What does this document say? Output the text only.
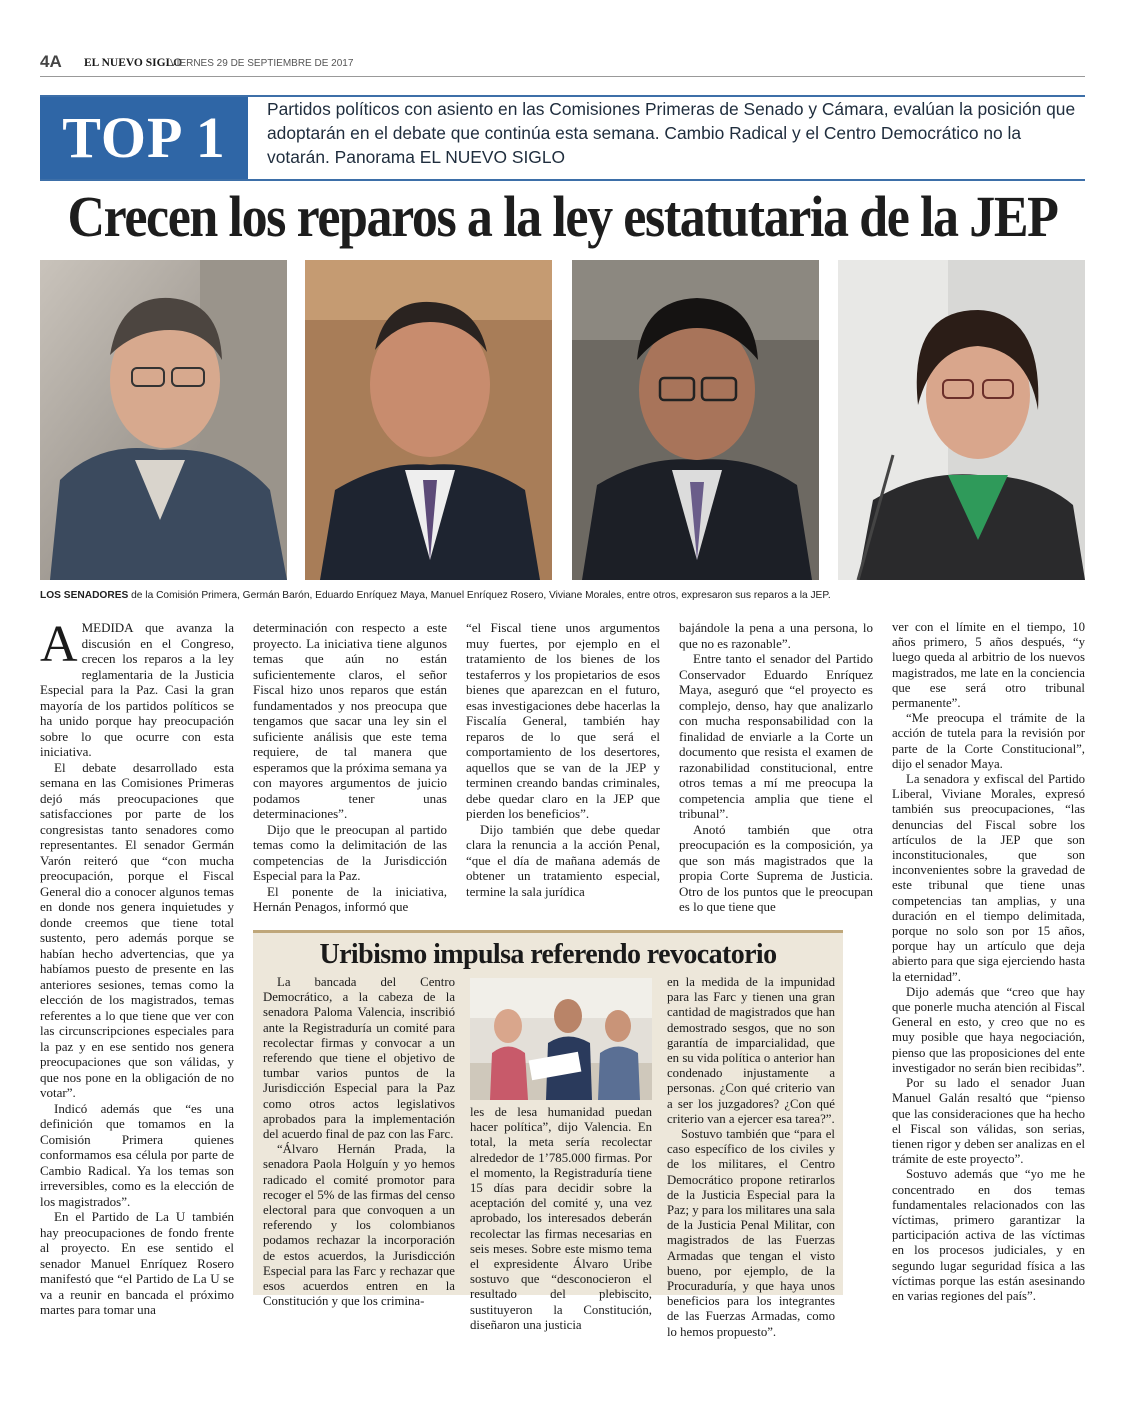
4A EL NUEVO SIGLO
VIERNES 29 DE SEPTIEMBRE DE 2017
TOP 1	Partidos políticos con asiento en las Comisiones Primeras de Senado y Cámara, evalúan la posición que adoptarán en el debate que continúa esta semana. Cambio Radical y el Centro Democrático no la votarán. Panorama EL NUEVO SIGLO
Crecen los reparos a la ley estatutaria de la JEP
LOS SENADORES de la Comisión Primera, Germán Barón, Eduardo Enríquez Maya, Manuel Enríquez Rosero, Viviane Morales, entre otros, expresaron sus reparos a la JEP.

AMEDIDA que avanza la discusión en el Congreso, crecen los reparos a la ley reglamentaria de la Justicia Especial para la Paz. Casi la gran mayoría de los partidos políticos se ha unido porque hay preocupación sobre lo que ocurre con esta iniciativa.

El debate desarrollado esta semana en las Comisiones Primeras dejó más preocupaciones que satisfacciones por parte de los congresistas tanto senadores como representantes. El senador Germán Varón reiteró que “con mucha preocupación, porque el Fiscal General dio a conocer algunos temas en donde nos genera inquietudes y donde creemos que tiene total sustento, pero además porque se habían hecho advertencias, que ya habíamos puesto de presente en las anteriores sesiones, temas como la elección de los magistrados, temas referentes a lo que tiene que ver con las circunscripciones especiales para la paz y en ese sentido nos genera preocupaciones que son válidas, y que nos pone en la obligación de no votar”.

Indicó además que “es una definición que tomamos en la Comisión Primera quienes conformamos esa célula por parte de Cambio Radical. Ya los temas son irreversibles, como es la elección de los magistrados”.

En el Partido de La U también hay preocupaciones de fondo frente al proyecto. En ese sentido el senador Manuel Enríquez Rosero manifestó que “el Partido de La U se va a reunir en bancada el próximo martes para tomar una

determinación con respecto a este proyecto. La iniciativa tiene algunos temas que aún no están suficientemente claros, el señor Fiscal hizo unos reparos que están fundamentados y nos preocupa que tengamos que sacar una ley sin el suficiente análisis que este tema requiere, de tal manera que esperamos que la próxima semana ya con mayores argumentos de juicio podamos tener unas determinaciones”.

Dijo que le preocupan al partido temas como la delimitación de las competencias de la Jurisdicción Especial para la Paz.

El ponente de la iniciativa, Hernán Penagos, informó que

“el Fiscal tiene unos argumentos muy fuertes, por ejemplo en el tratamiento de los bienes de los testaferros y los propietarios de esos bienes que aparezcan en el futuro, esas investigaciones debe hacerlas la Fiscalía General, también hay reparos de lo que será el comportamiento de los desertores, aquellos que se van de la JEP y terminen creando bandas criminales, debe quedar claro en la JEP que pierden los beneficios”.

Dijo también que debe quedar clara la renuncia a la acción Penal, “que el día de mañana además de obtener un tratamiento especial, termine la sala jurídica

bajándole la pena a una persona, lo que no es razonable”.

Entre tanto el senador del Partido Conservador Eduardo Enríquez Maya, aseguró que “el proyecto es complejo, denso, hay que analizarlo con mucha responsabilidad con la finalidad de enviarle a la Corte un documento que resista el examen de razonabilidad constitucional, entre otros temas a mí me preocupa la competencia amplia que tiene el tribunal”.

Anotó también que otra preocupación es la composición, ya que son más magistrados que la propia Corte Suprema de Justicia. Otro de los puntos que le preocupan es lo que tiene que

ver con el límite en el tiempo, 10 años primero, 5 años después, “y luego queda al arbitrio de los nuevos magistrados, me late en la conciencia que ese será otro tribunal permanente”.

“Me preocupa el trámite de la acción de tutela para la revisión por parte de la Corte Constitucional”, dijo el senador Maya.

La senadora y exfiscal del Partido Liberal, Viviane Morales, expresó también sus preocupaciones, “las denuncias del Fiscal sobre los artículos de la JEP que son inconstitucionales, que son inconvenientes sobre la gravedad de este tribunal que tiene unas competencias tan amplias, y una duración en el tiempo delimitada, porque no solo son por 15 años, porque hay un artículo que deja abierto para que siga ejerciendo hasta la eternidad”.

Dijo además que “creo que hay que ponerle mucha atención al Fiscal General en esto, y creo que no es muy posible que haya negociación, pienso que las proposiciones del ente investigador no serán bien recibidas”.

Por su lado el senador Juan Manuel Galán resaltó que “pienso que las consideraciones que ha hecho el Fiscal son válidas, son serias, tienen rigor y deben ser analizas en el trámite de este proyecto”.

Sostuvo además que “yo me he concentrado en dos temas fundamentales relacionados con las víctimas, primero garantizar la participación activa de las víctimas en los procesos judiciales, y en segundo lugar seguridad física a las víctimas porque las están asesinando en varias regiones del país”.

Uribismo impulsa referendo revocatorio

La bancada del Centro Democrático, a la cabeza de la senadora Paloma Valencia, inscribió ante la Registraduría un comité para recolectar firmas y convocar a un referendo que tiene el objetivo de tumbar varios puntos de la Jurisdicción Especial para la Paz como otros actos legislativos aprobados para la implementación del acuerdo final de paz con las Farc.

“Álvaro Hernán Prada, la senadora Paola Holguín y yo hemos radicado el comité promotor para recoger el 5% de las firmas del censo electoral para que convoquen a un referendo y los colombianos podamos rechazar la incorporación de estos acuerdos, la Jurisdicción Especial para las Farc y rechazar que esos acuerdos entren en la Constitución y que los crimina-

les de lesa humanidad puedan hacer política”, dijo Valencia. En total, la meta sería recolectar alrededor de 1’785.000 firmas. Por el momento, la Registraduría tiene 15 días para decidir sobre la aceptación del comité y, una vez aprobado, los interesados deberán recolectar las firmas necesarias en seis meses. Sobre este mismo tema el expresidente Álvaro Uribe sostuvo que “desconocieron el resultado del plebiscito, sustituyeron la Constitución, diseñaron una justicia

en la medida de la impunidad para las Farc y tienen una gran cantidad de magistrados que han demostrado sesgos, que no son garantía de imparcialidad, que en su vida política o anterior han condenado injustamente a personas. ¿Con qué criterio van a ser los juzgadores? ¿Con qué criterio van a ejercer esa tarea?”.

Sostuvo también que “para el caso específico de los civiles y de los militares, el Centro Democrático propone retirarlos de la Justicia Especial para la Paz; y para los militares una sala de la Justicia Penal Militar, con magistrados de las Fuerzas Armadas que tengan el visto bueno, por ejemplo, de la Procuraduría, y que haya unos beneficios para los integrantes de las Fuerzas Armadas, como lo hemos propuesto”.
